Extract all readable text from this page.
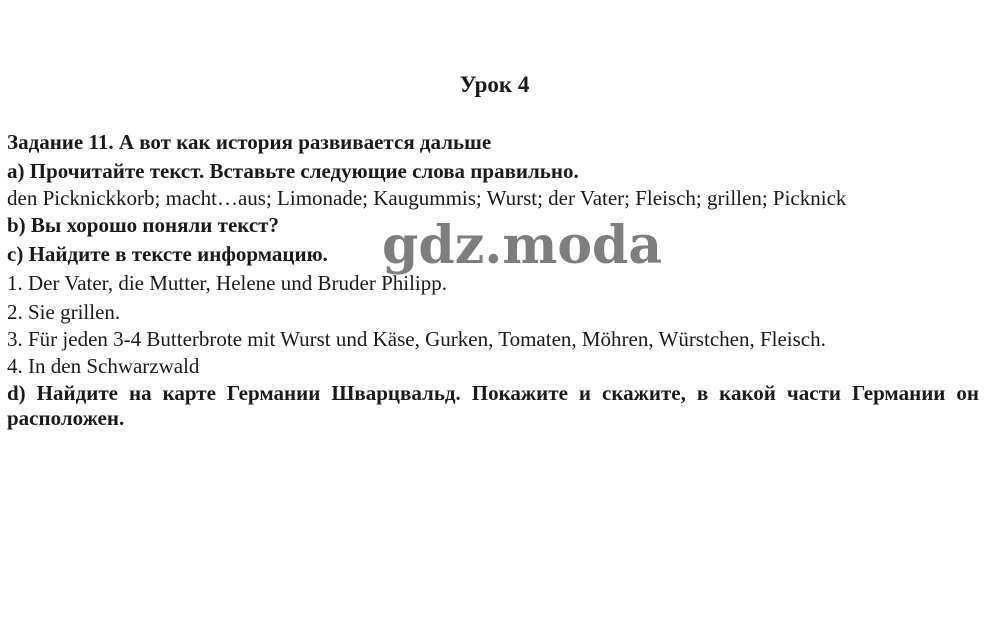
Урок 4

Задание 11. А вот как история развивается дальше

a) Прочитайте текст. Вставьте следующие слова правильно.

den Picknickkorb; macht…aus; Limonade; Kaugummis; Wurst; der Vater; Fleisch; grillen; Picknick

b) Вы хорошо поняли текст?

c) Найдите в тексте информацию.

1. Der Vater, die Mutter, Helene und Bruder Philipp.

2. Sie grillen.

3. Für jeden 3-4 Butterbrote mit Wurst und Käse, Gurken, Tomaten, Möhren, Würstchen, Fleisch.

4. In den Schwarzwald

d) Найдите на карте Германии Шварцвальд. Покажите и скажите, в какой части Германии он расположен.

gdz.moda
